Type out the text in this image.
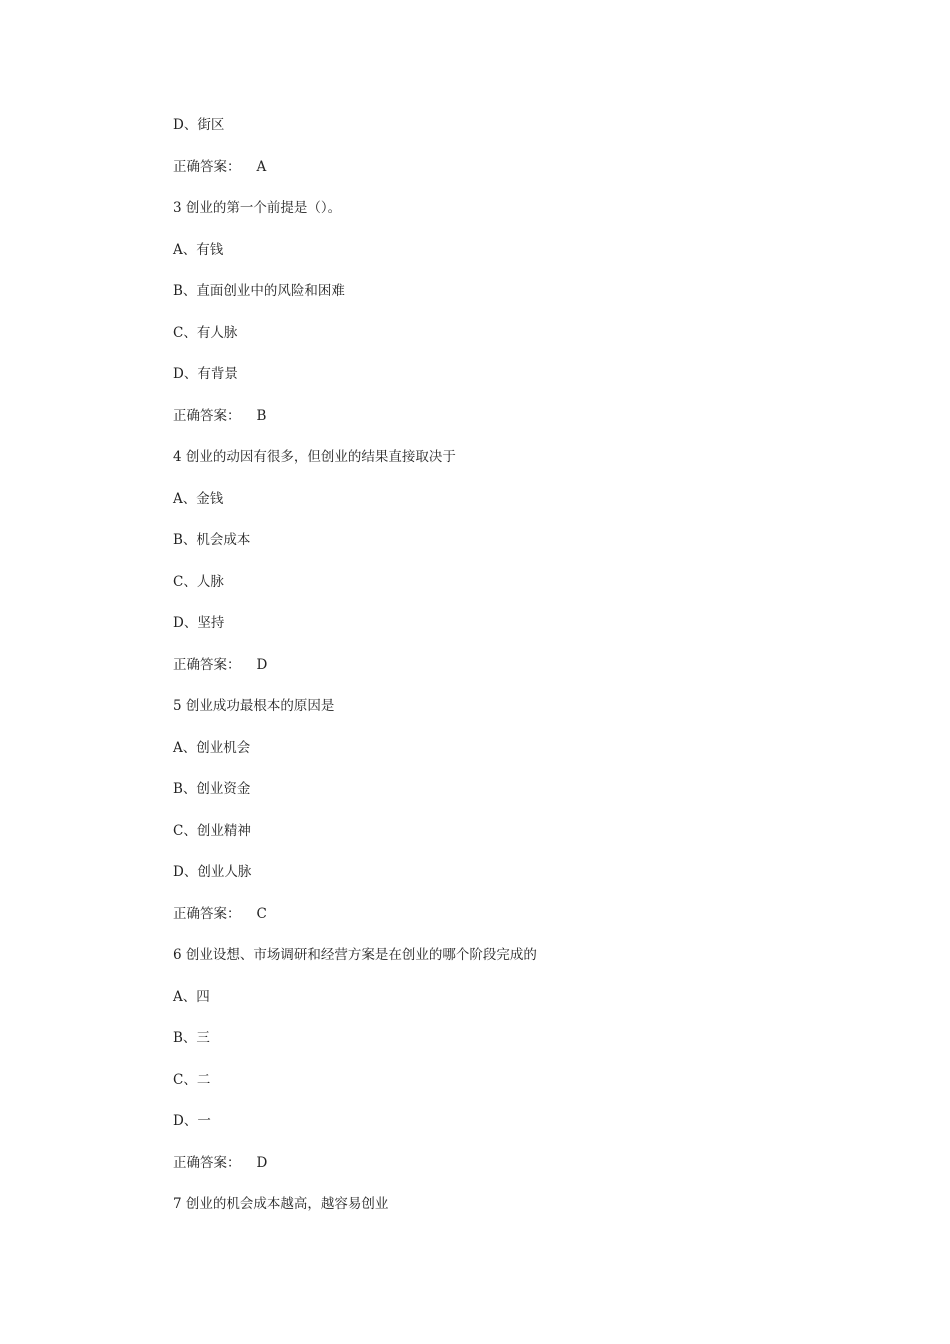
D、街区
正确答案： A
3 创业的第一个前提是（）。
A、有钱
B、直面创业中的风险和困难
C、有人脉
D、有背景
正确答案： B
4 创业的动因有很多，但创业的结果直接取决于
A、金钱
B、机会成本
C、人脉
D、坚持
正确答案： D
5 创业成功最根本的原因是
A、创业机会
B、创业资金
C、创业精神
D、创业人脉
正确答案： C
6 创业设想、市场调研和经营方案是在创业的哪个阶段完成的
A、四
B、三
C、二
D、一
正确答案： D
7 创业的机会成本越高，越容易创业
